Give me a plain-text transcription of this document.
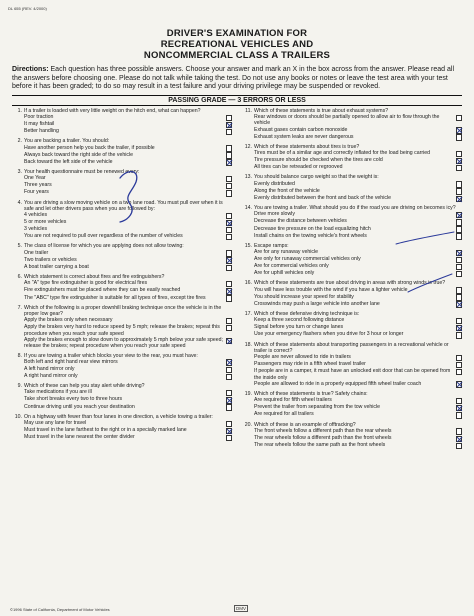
DL 655 (REV. 4/2000)
DRIVER'S EXAMINATION FOR
RECREATIONAL VEHICLES AND
NONCOMMERCIAL CLASS A TRAILERS
Directions: Each question has three possible answers. Choose your answer and mark an X in the box across from the answer. Please read all the answers before choosing one. Please do not talk while taking the test. Do not use any books or notes or leave the test area with your test before it has been graded; to do so may result in a test failure and your driving privilege may be suspended or revoked.
PASSING GRADE — 3 ERRORS OR LESS
1. If a trailer is loaded with very little weight on the hitch end, what can happen?
Poor traction
It may fishtail
Better handling
2. You are backing a trailer. You should:
Have another person help you back the trailer, if possible
Always back toward the right side of the vehicle
Back toward the left side of the vehicle
3. Your health questionnaire must be renewed every:
One Year
Three years
Four years
4. You are driving a slow moving vehicle on a two lane road. You must pull over when it is safe and let other drivers pass when you are followed by:
4 vehicles
5 or more vehicles
3 vehicles
You are not required to pull over regardless of the number of vehicles
5. The class of license for which you are applying does not allow towing:
One trailer
Two trailers or vehicles
A boat trailer carrying a boat
6. Which statement is correct about fires and fire extinguishers?
An "A" type fire extinguisher is good for electrical fires
Fire extinguishers must be placed where they can be easily reached
The "ABC" type fire extinguisher is suitable for all types of fires, except tire fires
7. Which of the following is a proper downhill braking technique once the vehicle is in the proper low gear?
Apply the brakes only when necessary
Apply the brakes very hard to reduce speed by 5 mph; release the brakes; repeat this procedure when you reach your safe speed
Apply the brakes enough to slow down to approximately 5 mph below your safe speed; release the brakes; repeat procedure when you reach your safe speed
8. If you are towing a trailer which blocks your view to the rear, you must have:
Both left and right hand rear view mirrors
A left hand mirror only
A right hand mirror only
9. Which of these can help you stay alert while driving?
Take medications if you are ill
Take short breaks every two to three hours
Continue driving until you reach your destination
10. On a highway with fewer than four lanes in one direction, a vehicle towing a trailer:
May use any lane for travel
Must travel in the lane farthest to the right or in a specially marked lane
Must travel in the lane nearest the center divider
11. Which of these statements is true about exhaust systems?
Rear windows or doors should be partially opened to allow air to flow through the vehicle
Exhaust gases contain carbon monoxide
Exhaust system leaks are never dangerous
12. Which of these statements about tires is true?
Tires must be of a similar age and correctly inflated for the load being carried
Tire pressure should be checked when the tires are cold
All tires can be retreaded or regrooved
13. You should balance cargo weight so that the weight is:
Evenly distributed
Along the front of the vehicle
Evenly distributed between the front and back of the vehicle
14. You are towing a trailer. What should you do if the road you are driving on becomes icy?
Drive more slowly
Decrease the distance between vehicles
Decrease tire pressure on the load equalizing hitch
Install chains on the towing vehicle's front wheels
15. Escape ramps:
Are for any runaway vehicle
Are only for runaway commercial vehicles only
Are for commercial vehicles only
Are for uphill vehicles only
16. Which of these statements are true about driving in areas with strong winds is true?
You will have less trouble with the wind if you have a lighter vehicle
You should increase your speed for stability
Crosswinds may push a large vehicle into another lane
17. Which of these defensive driving technique is:
Keep a three second following distance
Signal before you turn or change lanes
Use your emergency flashers when you drive for 3 hour or longer
18. Which of these statements about transporting passengers in a recreational vehicle or trailer is correct?
People are never allowed to ride in trailers
Passengers may ride in a fifth wheel travel trailer
If people are in a camper, it must have an unlocked exit door that can be opened from the inside only
People are allowed to ride in a properly equipped fifth wheel trailer coach
19. Which of these statements is true? Safety chains:
Are required for fifth wheel trailers
Prevent the trailer from separating from the tow vehicle
Are required for all trailers
20. Which of these is an example of offtracking?
The front wheels follow a different path than the rear wheels
The rear wheels follow a different path than the front wheels
The rear wheels follow the same path as the front wheels
©1996 State of California, Department of Motor Vehicles	DMV
